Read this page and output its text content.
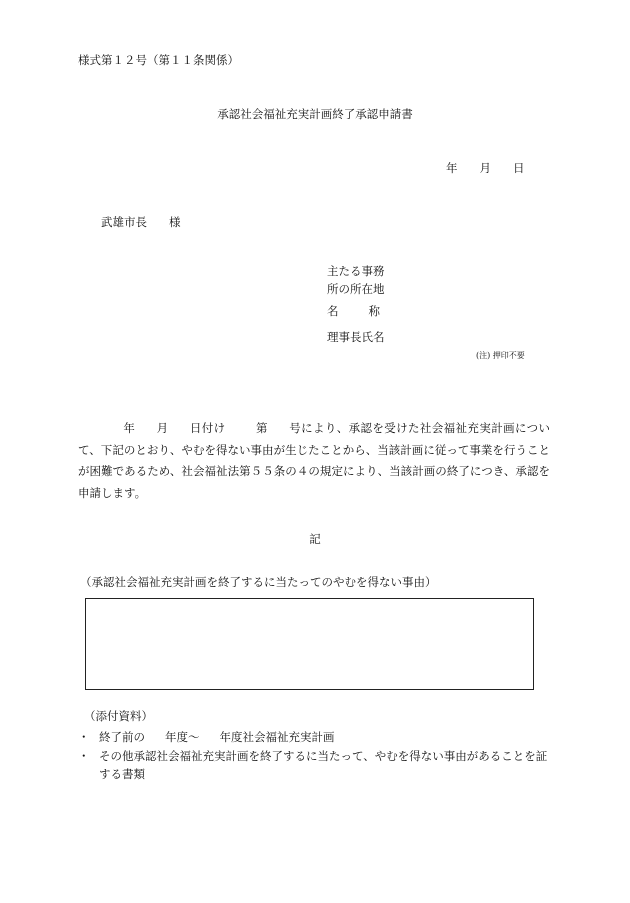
様式第１２号（第１１条関係）
承認社会福祉充実計画終了承認申請書
年 月 日
武雄市長 様
主たる事務
所の所在地
名	称
理事長氏名
(注) 押印不要
年 月 日付け	第 号により、承認を受けた社会福祉充実計画について、下記のとおり、やむを得ない事由が生じたことから、当該計画に従って事業を行うことが困難であるため、社会福祉法第５５条の４の規定により、当該計画の終了につき、承認を申請します。
記
（承認社会福祉充実計画を終了するに当たってのやむを得ない事由）
（添付資料）
・ 終了前の 年度～ 年度社会福祉充実計画
・ その他承認社会福祉充実計画を終了するに当たって、やむを得ない事由があることを証する書類
